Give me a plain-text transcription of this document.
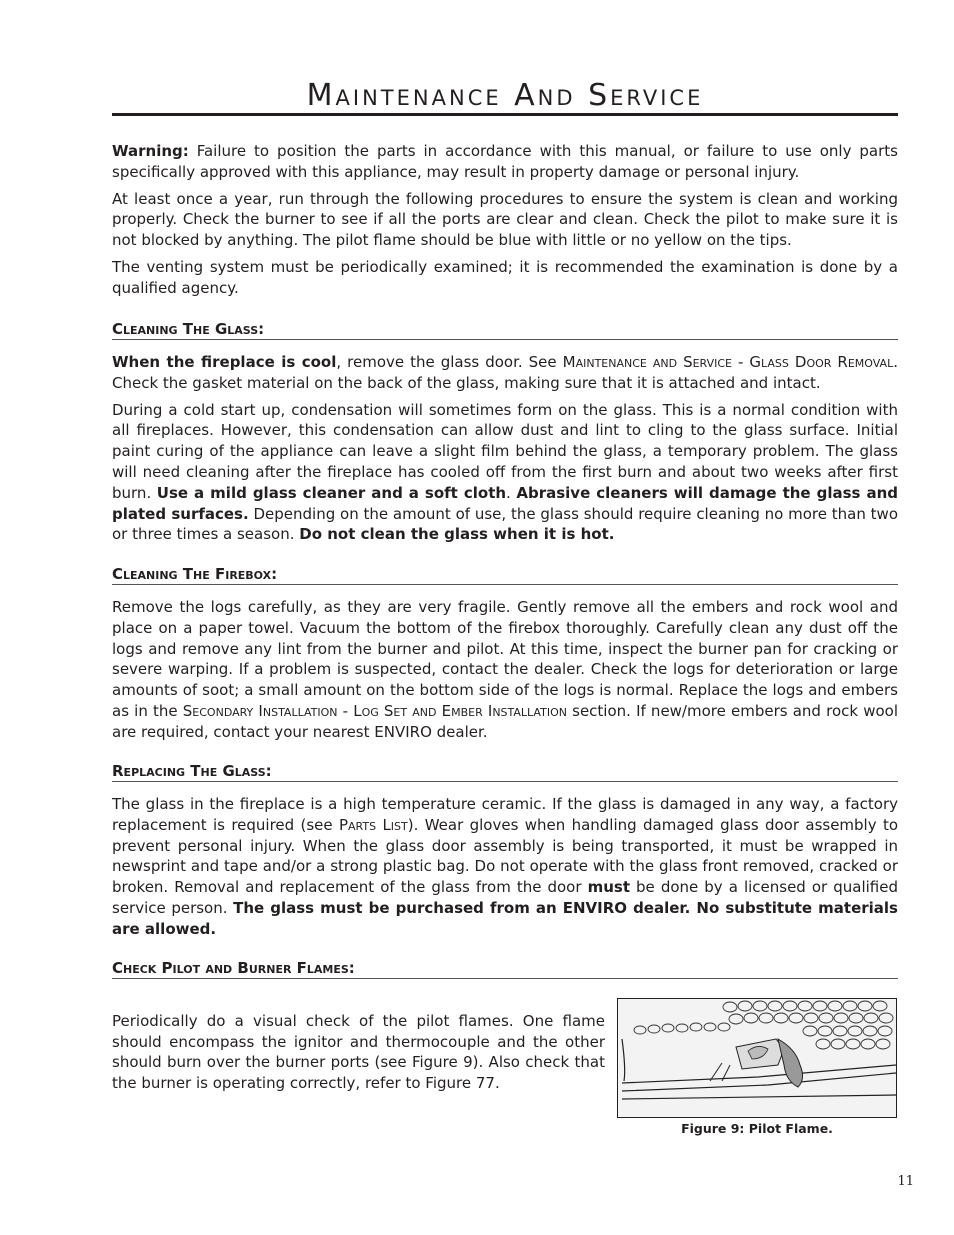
Maintenance And Service

Warning: Failure to position the parts in accordance with this manual, or failure to use only parts specifically approved with this appliance, may result in property damage or personal injury.

At least once a year, run through the following procedures to ensure the system is clean and working properly. Check the burner to see if all the ports are clear and clean. Check the pilot to make sure it is not blocked by anything. The pilot flame should be blue with little or no yellow on the tips.

The venting system must be periodically examined; it is recommended the examination is done by a qualified agency.

Cleaning The Glass:

When the fireplace is cool, remove the glass door. See Maintenance and Service - Glass Door Removal. Check the gasket material on the back of the glass, making sure that it is attached and intact.

During a cold start up, condensation will sometimes form on the glass. This is a normal condition with all fireplaces. However, this condensation can allow dust and lint to cling to the glass surface. Initial paint curing of the appliance can leave a slight film behind the glass, a temporary problem. The glass will need cleaning after the fireplace has cooled off from the first burn and about two weeks after first burn. Use a mild glass cleaner and a soft cloth. Abrasive cleaners will damage the glass and plated surfaces. Depending on the amount of use, the glass should require cleaning no more than two or three times a season. Do not clean the glass when it is hot.

Cleaning The Firebox:

Remove the logs carefully, as they are very fragile. Gently remove all the embers and rock wool and place on a paper towel. Vacuum the bottom of the firebox thoroughly. Carefully clean any dust off the logs and remove any lint from the burner and pilot. At this time, inspect the burner pan for cracking or severe warping. If a problem is suspected, contact the dealer. Check the logs for deterioration or large amounts of soot; a small amount on the bottom side of the logs is normal. Replace the logs and embers as in the Secondary Installation - Log Set and Ember Installation section. If new/more embers and rock wool are required, contact your nearest ENVIRO dealer.

Replacing The Glass:

The glass in the fireplace is a high temperature ceramic. If the glass is damaged in any way, a factory replacement is required (see Parts List). Wear gloves when handling damaged glass door assembly to prevent personal injury. When the glass door assembly is being transported, it must be wrapped in newsprint and tape and/or a strong plastic bag. Do not operate with the glass front removed, cracked or broken. Removal and replacement of the glass from the door must be done by a licensed or qualified service person. The glass must be purchased from an ENVIRO dealer. No substitute materials are allowed.

Check Pilot and Burner Flames:

Periodically do a visual check of the pilot flames. One flame should encompass the ignitor and thermocouple and the other should burn over the burner ports (see Figure 9). Also check that the burner is operating correctly, refer to Figure 77.

Figure 9: Pilot Flame.
11
